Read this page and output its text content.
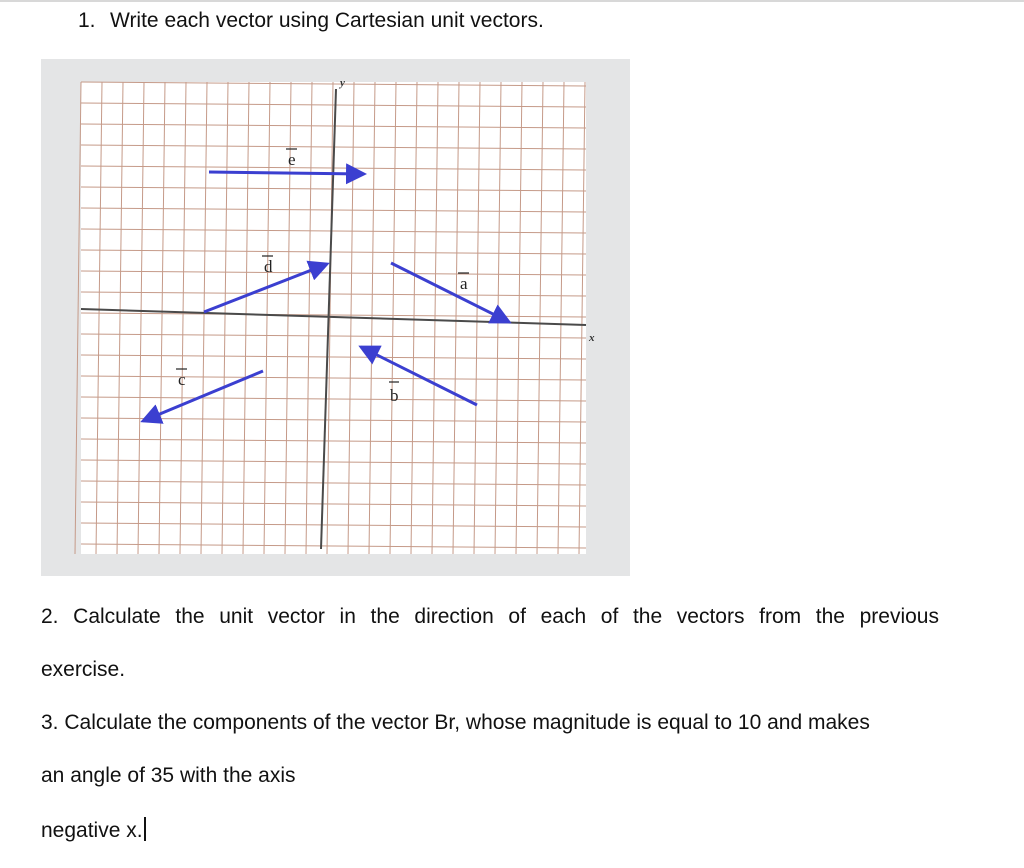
1. Write each vector using Cartesian unit vectors.
x
y
e
d
a
b
c
2. Calculate the unit vector in the direction of each of the vectors from the previous
exercise.
3. Calculate the components of the vector Br, whose magnitude is equal to 10 and makes
an angle of 35 with the axis
negative x.
